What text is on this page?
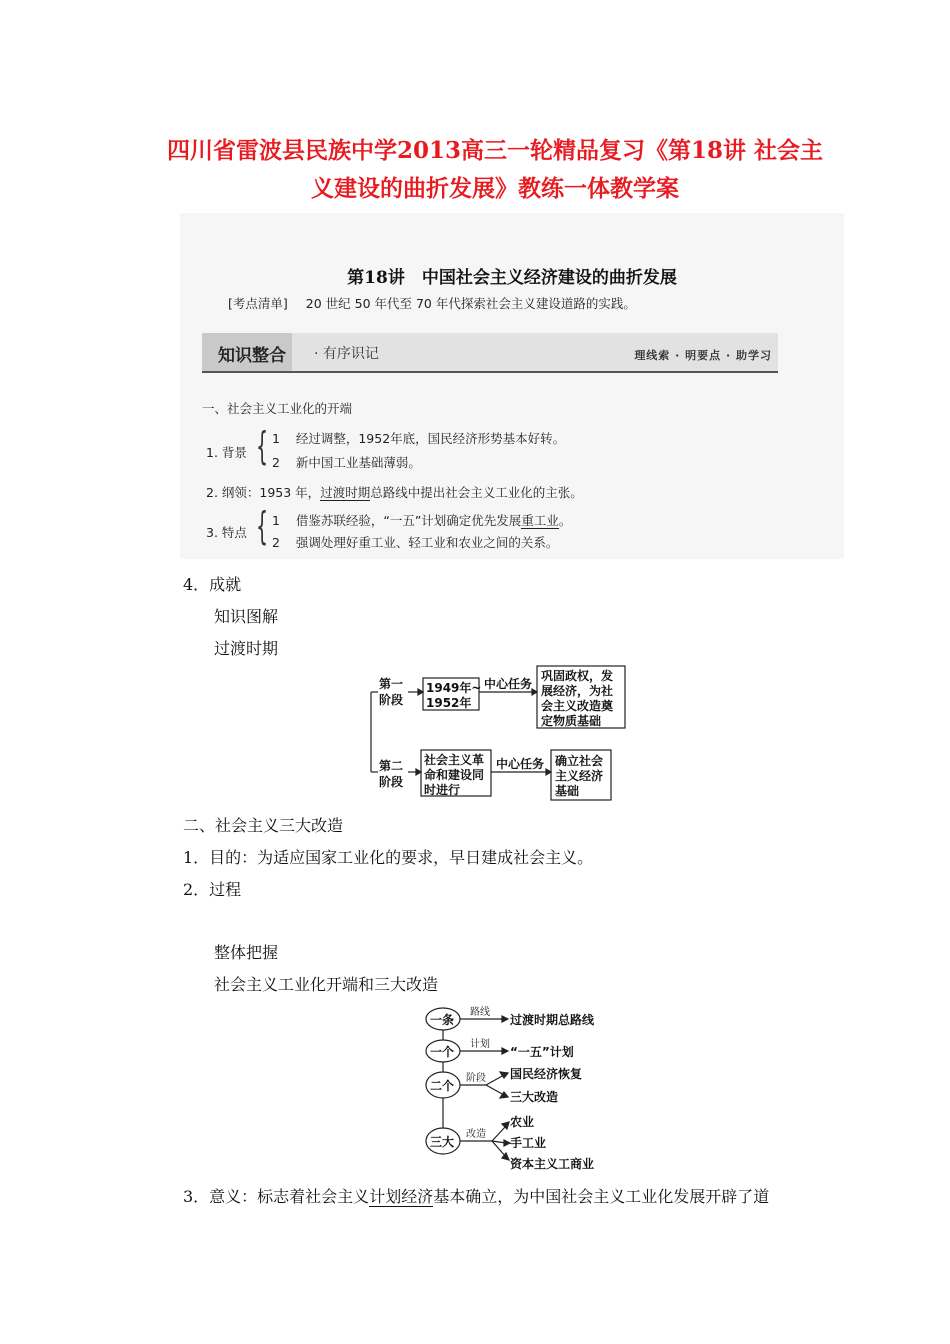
四川省雷波县民族中学2013高三一轮精品复习《第18讲 社会主
义建设的曲折发展》教练一体教学案
第18讲　中国社会主义经济建设的曲折发展
[考点清单] 20 世纪 50 年代至 70 年代探索社会主义建设道路的实践。
知识整合 · 有序识记	理线索 · 明要点 · 助学习
一、社会主义工业化的开端
1. 背景 { 1 经过调整，1952年底，国民经济形势基本好转。
2 新中国工业基础薄弱。
2. 纲领：1953 年，过渡时期总路线中提出社会主义工业化的主张。
3. 特点 { 1 借鉴苏联经验，“一五”计划确定优先发展重工业。
2 强调处理好重工业、轻工业和农业之间的关系。
4．成就
知识图解
过渡时期
第一
阶段
1949年~
1952年
中心任务
巩固政权，发
展经济，为社
会主义改造奠
定物质基础
第二
阶段
社会主义革
命和建设同
时进行
中心任务 确立社会
主义经济
基础
二、社会主义三大改造
1．目的：为适应国家工业化的要求，早日建成社会主义。
2．过程
整体把握
社会主义工业化开端和三大改造
一条
一个
二个
三大
过渡时期总路线
“一五”计划
国民经济恢复
三大改造
农业
手工业
资本主义工商业
路线
计划
阶段
改造
3．意义：标志着社会主义计划经济基本确立，为中国社会主义工业化发展开辟了道
